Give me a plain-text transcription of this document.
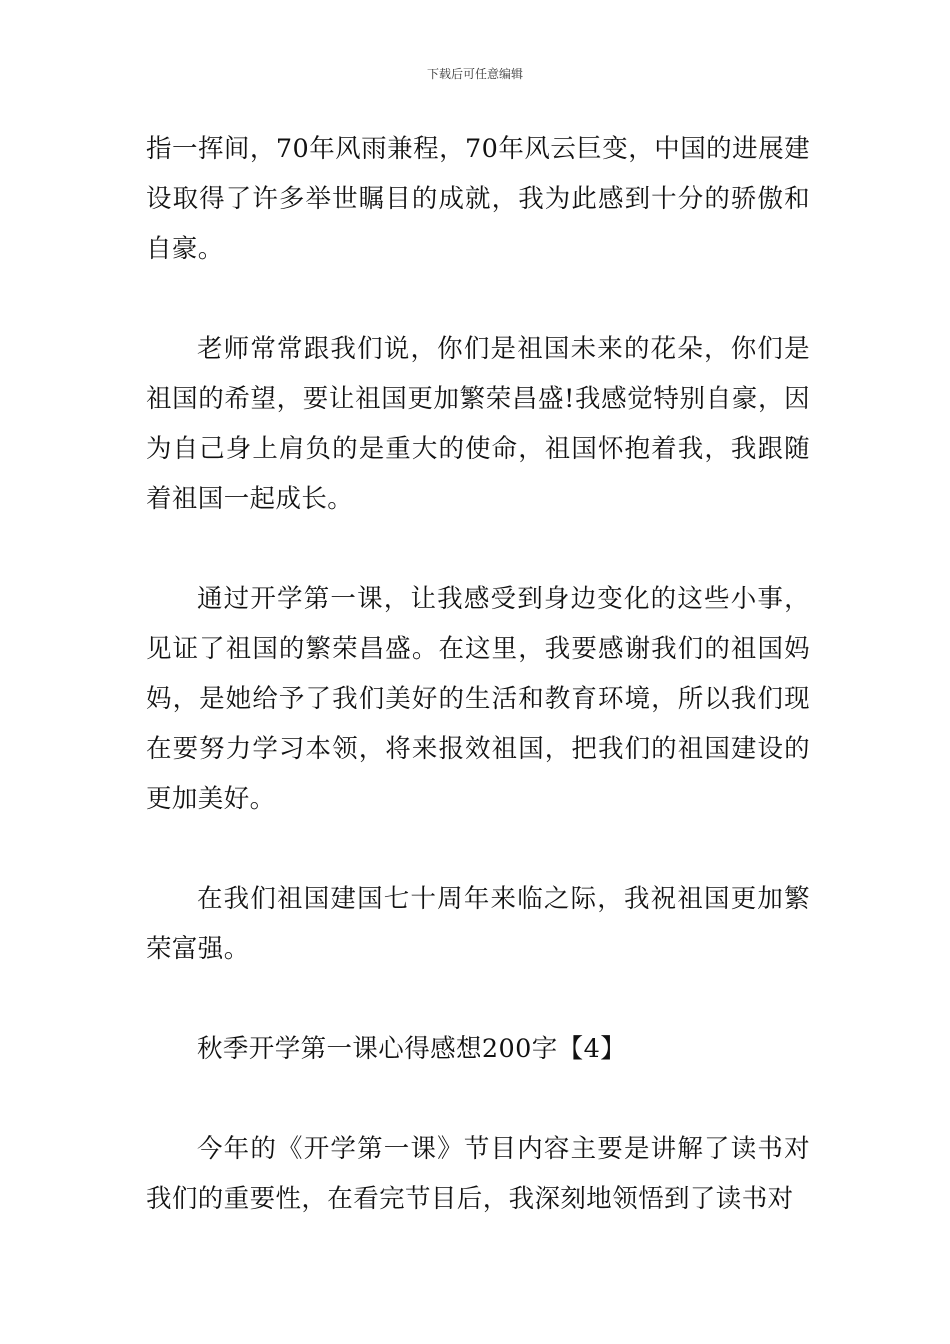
下载后可任意编辑

指一挥间，70年风雨兼程，70年风云巨变，中国的进展建设取得了许多举世瞩目的成就，我为此感到十分的骄傲和自豪。

老师常常跟我们说，你们是祖国未来的花朵，你们是祖国的希望，要让祖国更加繁荣昌盛!我感觉特别自豪，因为自己身上肩负的是重大的使命，祖国怀抱着我，我跟随着祖国一起成长。

通过开学第一课，让我感受到身边变化的这些小事，见证了祖国的繁荣昌盛。在这里，我要感谢我们的祖国妈妈，是她给予了我们美好的生活和教育环境，所以我们现在要努力学习本领，将来报效祖国，把我们的祖国建设的更加美好。

在我们祖国建国七十周年来临之际，我祝祖国更加繁荣富强。

秋季开学第一课心得感想200字【4】

今年的《开学第一课》节目内容主要是讲解了读书对我们的重要性，在看完节目后，我深刻地领悟到了读书对
